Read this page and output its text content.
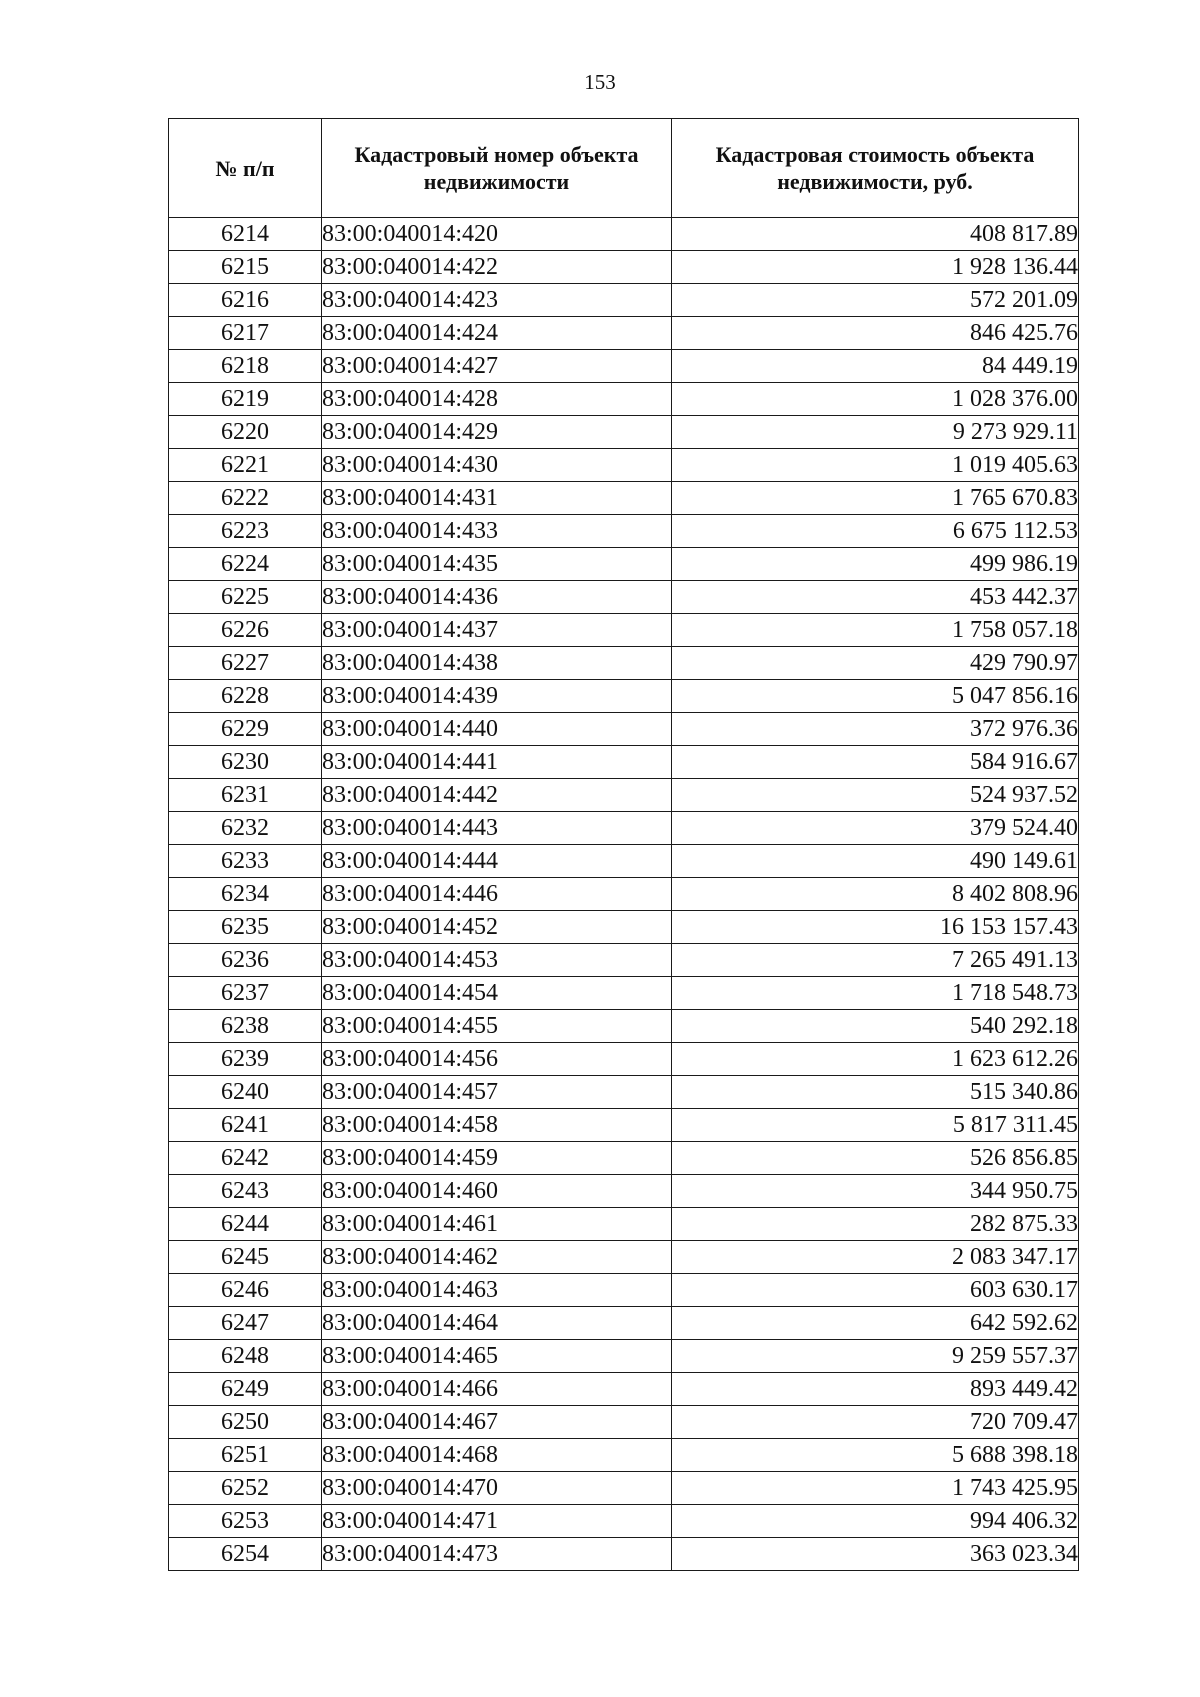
153
№ п/п	Кадастровый номер объекта недвижимости	Кадастровая стоимость объекта недвижимости, руб.
6214	83:00:040014:420	408 817.89
6215	83:00:040014:422	1 928 136.44
6216	83:00:040014:423	572 201.09
6217	83:00:040014:424	846 425.76
6218	83:00:040014:427	84 449.19
6219	83:00:040014:428	1 028 376.00
6220	83:00:040014:429	9 273 929.11
6221	83:00:040014:430	1 019 405.63
6222	83:00:040014:431	1 765 670.83
6223	83:00:040014:433	6 675 112.53
6224	83:00:040014:435	499 986.19
6225	83:00:040014:436	453 442.37
6226	83:00:040014:437	1 758 057.18
6227	83:00:040014:438	429 790.97
6228	83:00:040014:439	5 047 856.16
6229	83:00:040014:440	372 976.36
6230	83:00:040014:441	584 916.67
6231	83:00:040014:442	524 937.52
6232	83:00:040014:443	379 524.40
6233	83:00:040014:444	490 149.61
6234	83:00:040014:446	8 402 808.96
6235	83:00:040014:452	16 153 157.43
6236	83:00:040014:453	7 265 491.13
6237	83:00:040014:454	1 718 548.73
6238	83:00:040014:455	540 292.18
6239	83:00:040014:456	1 623 612.26
6240	83:00:040014:457	515 340.86
6241	83:00:040014:458	5 817 311.45
6242	83:00:040014:459	526 856.85
6243	83:00:040014:460	344 950.75
6244	83:00:040014:461	282 875.33
6245	83:00:040014:462	2 083 347.17
6246	83:00:040014:463	603 630.17
6247	83:00:040014:464	642 592.62
6248	83:00:040014:465	9 259 557.37
6249	83:00:040014:466	893 449.42
6250	83:00:040014:467	720 709.47
6251	83:00:040014:468	5 688 398.18
6252	83:00:040014:470	1 743 425.95
6253	83:00:040014:471	994 406.32
6254	83:00:040014:473	363 023.34
